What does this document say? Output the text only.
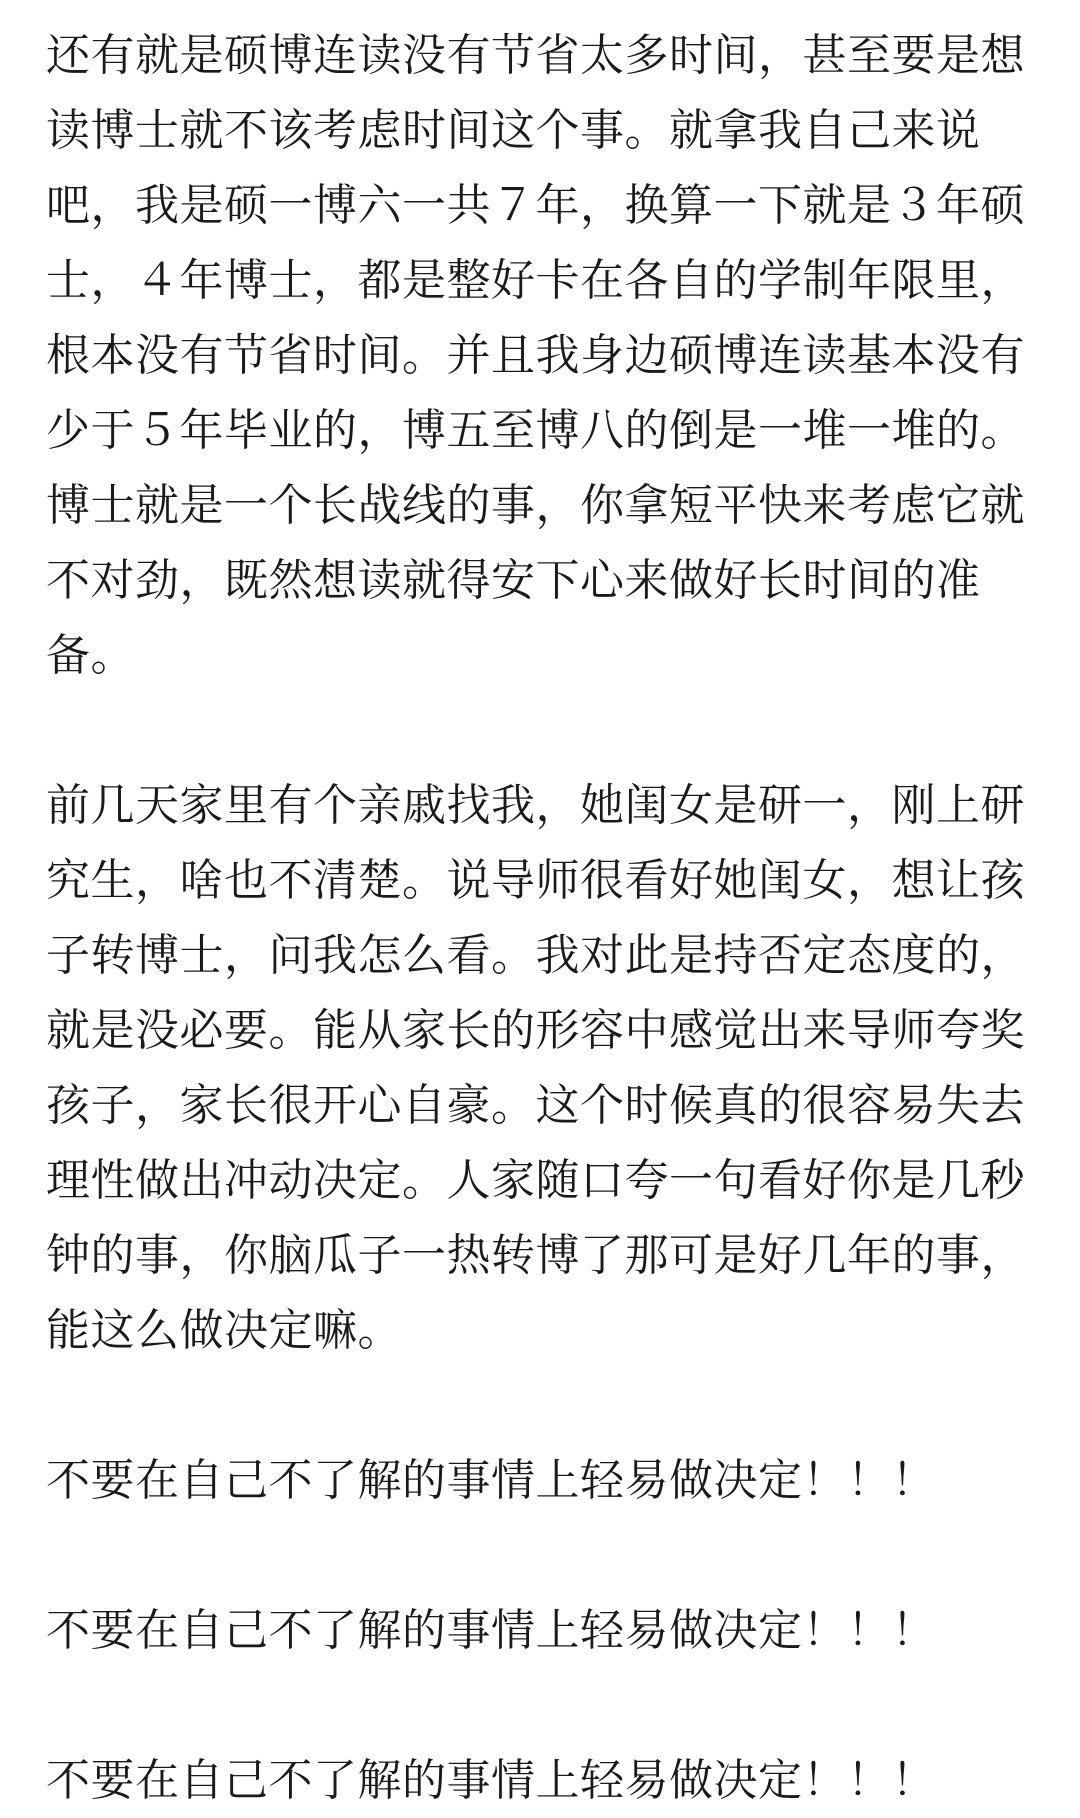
还有就是硕博连读没有节省太多时间，甚至要是想读博士就不该考虑时间这个事。就拿我自己来说吧，我是硕一博六一共７年，换算一下就是３年硕士，４年博士，都是整好卡在各自的学制年限里，根本没有节省时间。并且我身边硕博连读基本没有少于５年毕业的，博五至博八的倒是一堆一堆的。博士就是一个长战线的事，你拿短平快来考虑它就不对劲，既然想读就得安下心来做好长时间的准备。

前几天家里有个亲戚找我，她闺女是研一，刚上研究生，啥也不清楚。说导师很看好她闺女，想让孩子转博士，问我怎么看。我对此是持否定态度的，就是没必要。能从家长的形容中感觉出来导师夸奖孩子，家长很开心自豪。这个时候真的很容易失去理性做出冲动决定。人家随口夸一句看好你是几秒钟的事，你脑瓜子一热转博了那可是好几年的事，能这么做决定嘛。

不要在自己不了解的事情上轻易做决定！！！

不要在自己不了解的事情上轻易做决定！！！

不要在自己不了解的事情上轻易做决定！！！
